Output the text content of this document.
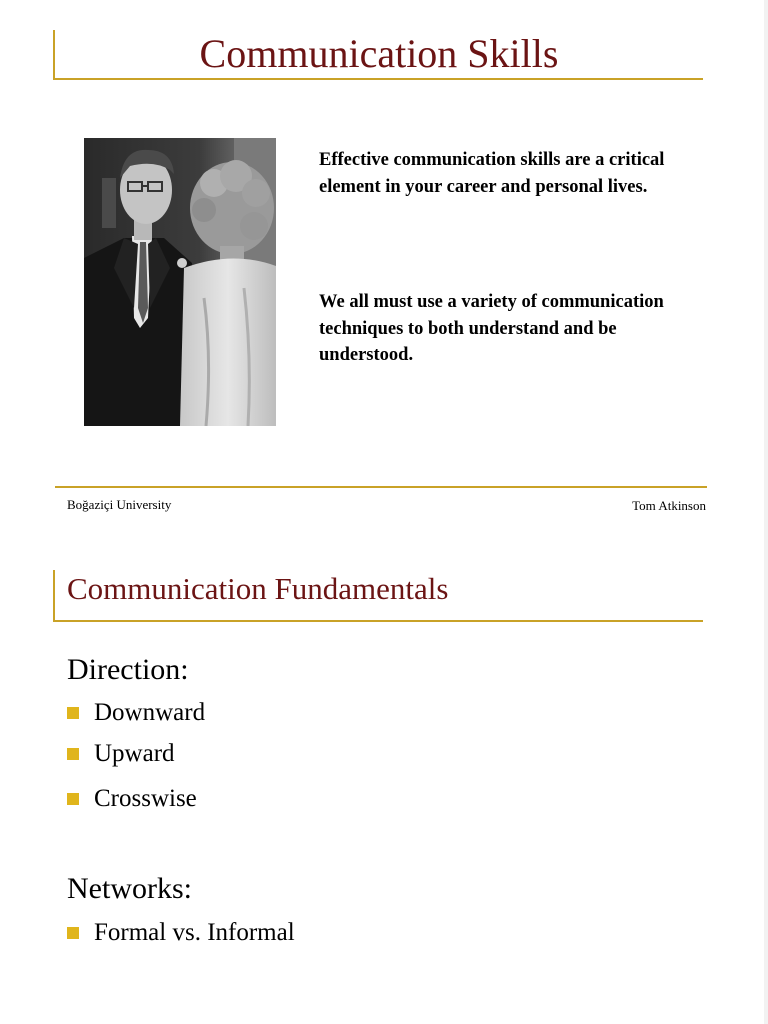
Communication Skills
Effective communication skills are a critical element in your career and personal lives.
We all must use a variety of communication techniques to both understand and be understood.
Boğaziçi University	Tom Atkinson
Communication Fundamentals
Direction:
Downward
Upward
Crosswise
Networks:
Formal vs. Informal
